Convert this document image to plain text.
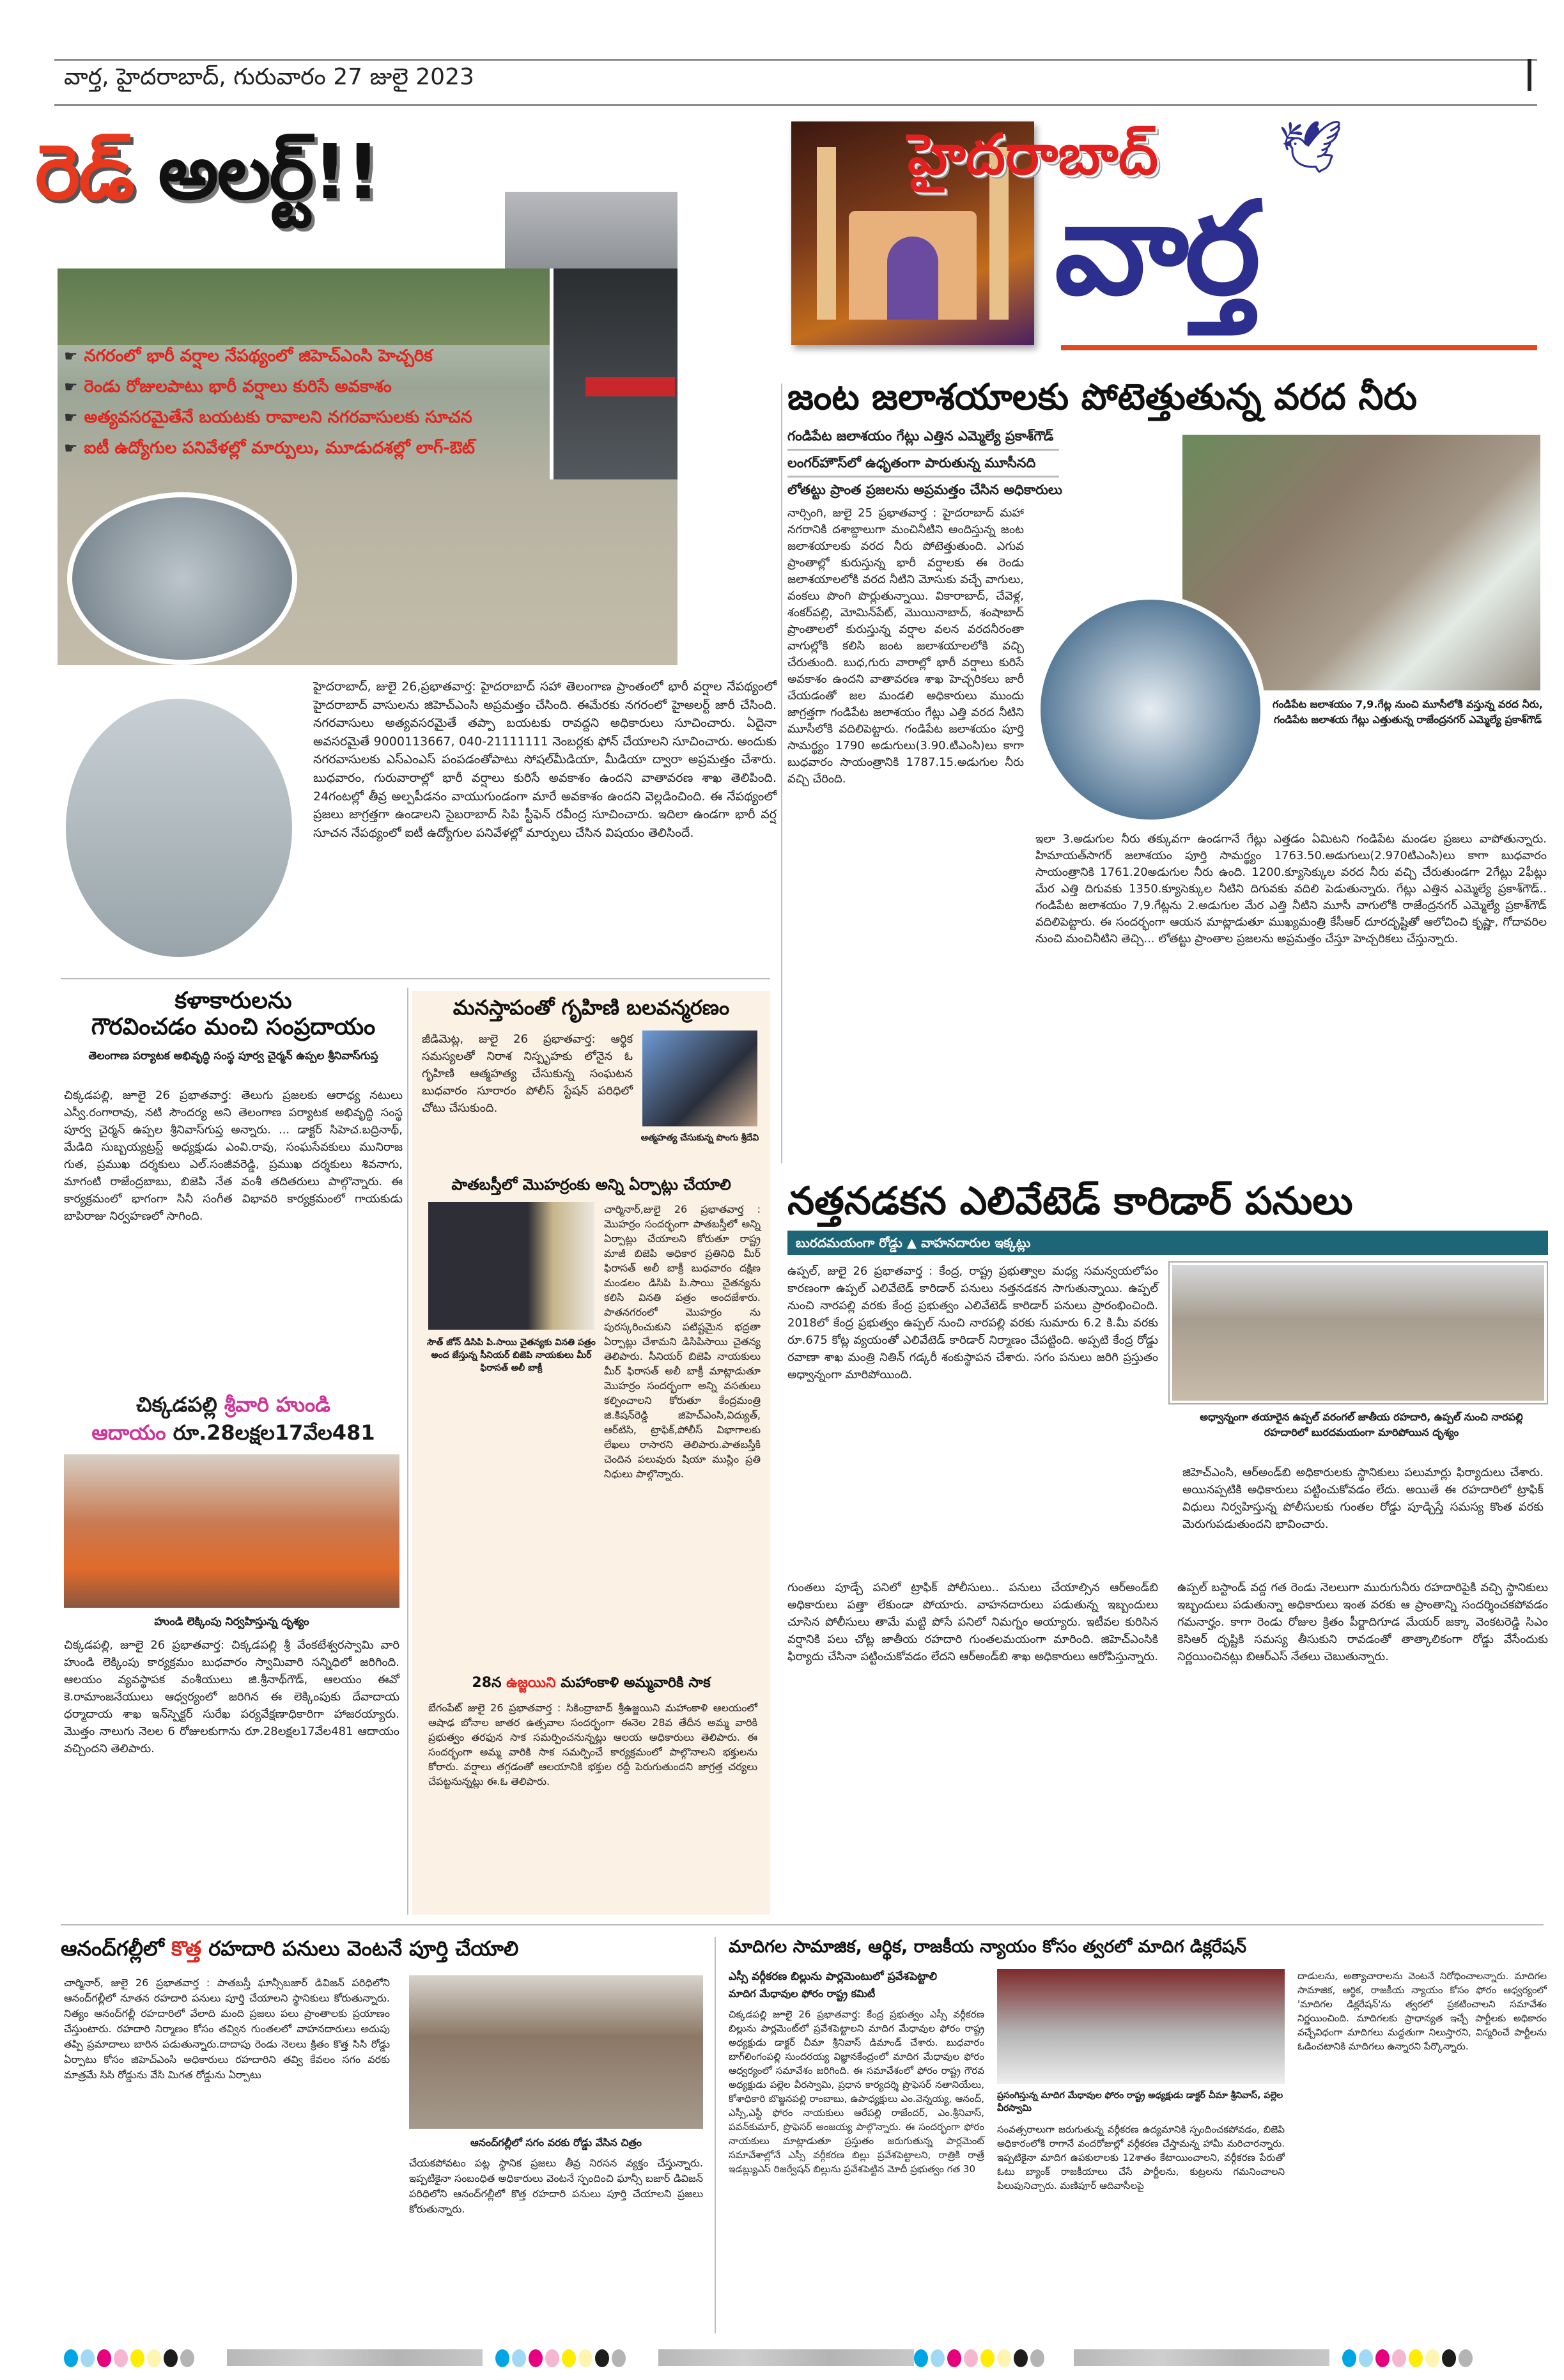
వార్త, హైదరాబాద్, గురువారం 27 జులై 2023
రెడ్ అలర్ట్!!
☛ నగరంలో భారీ వర్షాల నేపథ్యంలో జిహెచ్ఎంసి హెచ్చరిక
☛ రెండు రోజులపాటు భారీ వర్షాలు కురిసే అవకాశం
☛ అత్యవసరమైతేనే బయటకు రావాలని నగరవాసులకు సూచన
☛ ఐటీ ఉద్యోగుల పనివేళల్లో మార్పులు, మూడుదశల్లో లాగ్-ఔట్
హైదరాబాద్, జులై 26,ప్రభాతవార్త: హైదరాబాద్ సహా తెలంగాణ ప్రాంతంలో భారీ వర్షాల నేపథ్యంలో హైదరాబాద్ వాసులను జిహెచ్ఎంసి అప్రమత్తం చేసింది. ఈమేరకు నగరంలో హైఅలర్ట్ జారీ చేసింది. నగరవాసులు అత్యవసరమైతే తప్పా బయటకు రావద్దని అధికారులు సూచించారు. ఏదైనా అవసరమైతే 9000113667, 040-21111111 నెంబర్లకు ఫోన్ చేయాలని సూచించారు. అందుకు నగరవాసులకు ఎస్ఎంఎస్ పంపడంతోపాటు సోషల్‌మీడియా, మీడియా ద్వారా అప్రమత్తం చేశారు. బుధవారం, గురువారాల్లో భారీ వర్షాలు కురిసే అవకాశం ఉందని వాతావరణ శాఖ తెలిపింది. 24గంటల్లో తీవ్ర అల్పపీడనం వాయుగుండంగా మారే అవకాశం ఉందని వెల్లడించింది. ఈ నేపథ్యంలో ప్రజలు జాగ్రత్తగా ఉండాలని సైబరాబాద్ సిపి స్టీఫెన్ రవీంద్ర సూచించారు. ఇదిలా ఉండగా భారీ వర్ష సూచన నేపథ్యంలో ఐటీ ఉద్యోగుల పనివేళల్లో మార్పులు చేసిన విషయం తెలిసిందే.
హైదరాబాద్ 🕊
వార్త
జంట జలాశయాలకు పోటెత్తుతున్న వరద నీరు
గండిపేట జలాశయం గేట్లు ఎత్తిన ఎమ్మెల్యే ప్రకాశ్‌గౌడ్
లంగర్‌హౌస్‌లో ఉధృతంగా పారుతున్న మూసీనది
లోతట్టు ప్రాంత ప్రజలను అప్రమత్తం చేసిన అధికారులు
నార్సింగి, జులై 25 ప్రభాతవార్త : హైదరాబాద్ మహా నగరానికి దశాబ్దాలుగా మంచినీటిని అందిస్తున్న జంట జలాశయాలకు వరద నీరు పోటెత్తుతుంది. ఎగువ ప్రాంతాల్లో కురుస్తున్న భారీ వర్షాలకు ఈ రెండు జలాశయాలలోకి వరద నీటిని మోసుకు వచ్చే వాగులు, వంకలు పొంగి పొర్లుతున్నాయి. వికారాబాద్, చేవెళ్ల, శంకర్‌పల్లి, మోమిన్‌పేట్, మొయినాబాద్, శంషాబాద్ ప్రాంతాలలో కురుస్తున్న వర్షాల వలన వరదనీరంతా వాగుల్లోకి కలిసి జంట జలాశయాలలోకి వచ్చి చేరుతుంది. బుధ,గురు వారాల్లో భారీ వర్షాలు కురిసే అవకాశం ఉందని వాతావరణ శాఖ హెచ్చరికలు జారీ చేయడంతో జల మండలి అధికారులు ముందు జాగ్రత్తగా గండిపేట జలాశయం గేట్లు ఎత్తి వరద నీటిని మూసీలోకి వదిలిపెట్టారు. గండిపేట జలాశయం పూర్తి సామర్థ్యం 1790 అడుగులు(3.90.టిఎంసి)లు కాగా బుధవారం సాయంత్రానికి 1787.15.అడుగుల నీరు వచ్చి చేరింది.
గండిపేట జలాశయం 7,9.గేట్ల నుంచి మూసీలోకి వస్తున్న వరద నీరు, గండిపేట జలాశయ గేట్లు ఎత్తుతున్న రాజేంద్రనగర్ ఎమ్మెల్యే ప్రకాశ్‌గౌడ్
ఇలా 3.అడుగుల నీరు తక్కువగా ఉండగానే గేట్లు ఎత్తడం ఏమిటని గండిపేట మండల ప్రజలు వాపోతున్నారు. హిమాయత్‌సాగర్ జలాశయం పూర్తి సామర్థ్యం 1763.50.అడుగులు(2.970టిఎంసి)లు కాగా బుధవారం సాయంత్రానికి 1761.20అడుగుల నీరు ఉంది. 1200.క్యూసెక్కుల వరద నీరు వచ్చి చేరుతుండగా 2గేట్లు 2ఫీట్లు మేర ఎత్తి దిగువకు 1350.క్యూసెక్కుల నీటిని దిగువకు వదిలి పెడుతున్నారు. గేట్లు ఎత్తిన ఎమ్మెల్యే ప్రకాశ్‌గౌడ్.. గండిపేట జలాశయం 7,9.గేట్లను 2.అడుగుల మేర ఎత్తి నీటిని మూసీ వాగులోకి రాజేంద్రనగర్ ఎమ్మెల్యే ప్రకాశ్‌గౌడ్ వదిలిపెట్టారు. ఈ సందర్భంగా ఆయన మాట్లాడుతూ ముఖ్యమంత్రి కేసీఆర్ దూరదృష్టితో ఆలోచించి కృష్ణా, గోదావరిల నుంచి మంచినీటిని తెచ్చి... లోతట్టు ప్రాంతాల ప్రజలను అప్రమత్తం చేస్తూ హెచ్చరికలు చేస్తున్నారు.
కళాకారులను
గౌరవించడం మంచి సంప్రదాయం
తెలంగాణ పర్యాటక అభివృద్ధి సంస్థ పూర్వ చైర్మన్ ఉప్పల శ్రీనివాస్‌గుప్త
చిక్కడపల్లి, జూలై 26 ప్రభాతవార్త: తెలుగు ప్రజలకు ఆరాధ్య నటులు ఎస్వీ.రంగారావు, నటి సౌందర్య అని తెలంగాణ పర్యాటక అభివృద్ధి సంస్థ పూర్వ చైర్మన్ ఉప్పల శ్రీనివాస్‌గుప్త అన్నారు. ... డాక్టర్ సిహెచ.బద్రినాథ్, మేడిది సుబ్బయ్యట్రస్ట్ అధ్యక్షుడు ఎంవి.రావు, సంఘసేవకులు మునిరాజ గుత, ప్రముఖ దర్శకులు ఎల్.సంజీవరెడ్డి, ప్రముఖ దర్శకులు శివనాగు, మాగంటి రాజేంద్రబాబు, బిజెపి నేత వంశీ తదితరులు పాల్గొన్నారు. ఈ కార్యక్రమంలో భాగంగా సినీ సంగీత విభావరి కార్యక్రమంలో గాయకుడు బాపిరాజు నిర్వహణలో సాగింది.
చిక్కడపల్లి శ్రీవారి హుండి
ఆదాయం రూ.28లక్షల17వేల481
హుండి లెక్కింపు నిర్వహిస్తున్న దృశ్యం
చిక్కడపల్లి, జూలై 26 ప్రభాతవార్త: చిక్కడపల్లి శ్రీ వేంకటేశ్వరస్వామి వారి హుండి లెక్కింపు కార్యక్రమం బుధవారం స్వామివారి సన్నిధిలో జరిగింది. ఆలయం వ్యవస్థాపక వంశీయులు జి.శ్రీనాథ్‌గౌడ్, ఆలయం ఈవో కె.రామాంజనేయులు ఆధ్వర్యంలో జరిగిన ఈ లెక్కింపుకు దేవాదాయ ధర్మాదాయ శాఖ ఇన్‌స్పెక్టర్ సురేఖ పర్యవేక్షణాధికారిగా హాజరయ్యారు. మొత్తం నాలుగు నెలల 6 రోజులకుగాను రూ.28లక్షల17వేల481 ఆదాయం వచ్చిందని తెలిపారు.
మనస్తాపంతో గృహిణి బలవన్మరణం
జీడిమెట్ల, జులై 26 ప్రభాతవార్త: ఆర్థిక సమస్యలతో నిరాశ నిస్పృహకు లోనైన ఓ గృహిణి ఆత్మహత్య చేసుకున్న సంఘటన బుధవారం సూరారం పోలీస్ స్టేషన్ పరిధిలో చోటు చేసుకుంది.
ఆత్మహత్య చేసుకున్న పొంగు శ్రీదేవి
పాతబస్తీలో మొహర్రంకు అన్ని ఏర్పాట్లు చేయాలి
సౌత్ జోన్ డిసిపి పి.సాయి చైతన్యకు వినతి పత్రం అంద జేస్తున్న సీనియర్ బిజెపి నాయకులు మీర్ ఫిరాసత్ అలీ బాక్రీ
చార్మినార్,జులై 26 ప్రభాతవార్త : మొహర్రం సందర్భంగా పాతబస్తీలో అన్ని ఏర్పాట్లు చేయాలని కోరుతూ రాష్ట్ర మాజీ బిజెపి అధికార ప్రతినిధి మీర్ ఫిరాసత్ అలీ బాక్రీ బుధవారం దక్షిణ మండలం డిసిపి పి.సాయి చైతన్యను కలిసి వినతి పత్రం అందజేశారు. పాతనగరంలో మొహర్రం ను పురస్కరించుకుని పటిష్టమైన భద్రతా ఏర్పాట్లు చేశామని డిసిపిసాయి చైతన్య తెలిపారు. సీనియర్ బిజెపి నాయకులు మీర్ ఫిరాసత్ అలీ బాక్రీ మాట్లాడుతూ మొహర్రం సందర్భంగా అన్ని వసతులు కల్పించాలని కోరుతూ కేంద్రమంత్రి జి.కిషన్‌రెడ్డి జిహెచ్ఎంసి,విద్యుత్, ఆర్‌టిసి, ట్రాఫిక్,పోలీస్ విభాగాలకు లేఖలు రాసారని తెలిపారు.పాతబస్తీకి చెందిన పలువురు షియా ముస్లిం ప్రతి నిధులు పాల్గొన్నారు.
28న ఉజ్జయిని మహాంకాళి అమ్మవారికి సాక
బేగంపేట్ జులై 26 ప్రభాతవార్త : సికింద్రాబాద్ శ్రీఉజ్జయిని మహాంకాళి ఆలయంలో ఆషాఢ బోనాల జాతర ఉత్సవాల సందర్భంగా ఈనెల 28వ తేదీన అమ్మ వారికి ప్రభుత్వం తరఫున సాక సమర్పించనున్నట్లు ఆలయ అధికారులు తెలిపారు. ఈ సందర్భంగా అమ్మ వారికి సాక సమర్పించే కార్యక్రమంలో పాల్గొనాలని భక్తులను కోరారు. వర్షాలు తగ్గడంతో ఆలయానికి భక్తుల రద్దీ పెరుగుతుందని జాగ్రత్త చర్యలు చేపట్టనున్నట్లు ఈ.ఓ తెలిపారు.
నత్తనడకన ఎలివేటెడ్ కారిడార్ పనులు
బురదమయంగా రోడ్డు ▲ వాహనదారుల ఇక్కట్లు
అధ్వాన్నంగా తయారైన ఉప్పల్ వరంగల్ జాతీయ రహదారి, ఉప్పల్ నుంచి నారపల్లి రహదారిలో బురదమయంగా మారిపోయిన దృశ్యం
ఉప్పల్, జులై 26 ప్రభాతవార్త : కేంద్ర, రాష్ట్ర ప్రభుత్వాల మధ్య సమన్వయలోపం కారణంగా ఉప్పల్ ఎలివేటెడ్ కారిడార్ పనులు నత్తనడకన సాగుతున్నాయి. ఉప్పల్ నుంచి నారపల్లి వరకు కేంద్ర ప్రభుత్వం ఎలివేటెడ్ కారిడార్ పనులు ప్రారంభించింది. 2018లో కేంద్ర ప్రభుత్వం ఉప్పల్ నుంచి నారపల్లి వరకు సుమారు 6.2 కి.మీ వరకు రూ.675 కోట్ల వ్యయంతో ఎలివేటెడ్ కారిడార్ నిర్మాణం చేపట్టింది. అప్పటి కేంద్ర రోడ్డు రవాణా శాఖ మంత్రి నితిన్ గడ్కరీ శంకుస్థాపన చేశారు. సగం పనులు జరిగి ప్రస్తుతం అధ్వాన్నంగా మారిపోయింది.
జిహెచ్ఎంసి, ఆర్‌అండ్‌బి అధికారులకు స్థానికులు పలుమార్లు ఫిర్యాదులు చేశారు. అయినప్పటికి అధికారులు పట్టించుకోవడం లేదు. అయితే ఈ రహదారిలో ట్రాఫిక్ విధులు నిర్వహిస్తున్న పోలీసులకు గుంతల రోడ్డు పూడ్చిస్తే సమస్య కొంత వరకు మెరుగుపడుతుందని భావించారు.
గుంతలు పూడ్చే పనిలో ట్రాఫిక్ పోలీసులు.. పనులు చేయాల్సిన ఆర్‌అండ్‌బి అధికారులు పత్తా లేకుండా పోయారు. వాహనదారులు పడుతున్న ఇబ్బందులు చూసిన పోలీసులు తామే మట్టి పోసే పనిలో నిమగ్నం అయ్యారు. ఇటీవల కురిసిన వర్షానికి పలు చోట్ల జాతీయ రహదారి గుంతలమయంగా మారింది. జిహెచ్ఎంసికి ఫిర్యాదు చేసినా పట్టించుకోవడం లేదని ఆర్‌అండ్‌బి శాఖ అధికారులు ఆరోపిస్తున్నారు. ఉప్పల్ బస్టాండ్ వద్ద గత రెండు నెలలుగా మురుగునీరు రహదారిపైకి వచ్చి స్థానికులు ఇబ్బందులు పడుతున్నా అధికారులు ఇంత వరకు ఆ ప్రాంతాన్ని సందర్శించకపోవడం గమనార్హం. కాగా రెండు రోజుల క్రితం పీర్జాదిగూడ మేయర్ జక్కా వెంకటరెడ్డి సిఎం కెసిఆర్ దృష్టికి సమస్య తీసుకుని రావడంతో తాత్కాలికంగా రోడ్డు వేసేందుకు నిర్ణయించినట్లు బిఆర్ఎస్ నేతలు చెబుతున్నారు.
ఆనంద్‌గల్లీలో కొత్త రహదారి పనులు వెంటనే పూర్తి చేయాలి
చార్మినార్, జులై 26 ప్రభాతవార్త : పాతబస్తీ ఘాన్సీబజార్ డివిజన్ పరిధిలోని ఆనంద్‌గల్లీలో నూతన రహదారి పనులు పూర్తి చేయాలని స్థానికులు కోరుతున్నారు. నిత్యం ఆనంద్‌గల్లీ రహదారిలో వేలాది మంది ప్రజలు పలు ప్రాంతాలకు ప్రయాణం చేస్తుంటారు. రహదారి నిర్మాణం కోసం తవ్విన గుంతలలో వాహనదారులు అదుపు తప్పి ప్రమాదాలు బారిన పడుతున్నారు.దాదాపు రెండు నెలలు క్రితం కొత్త సిసి రోడ్డు ఏర్పాటు కోసం జిహెచ్ఎంసి అధికారులు రహదారిని తవ్వి కేవలం సగం వరకు మాత్రమే సిసి రోడ్డును వేసి మిగత రోడ్డును ఏర్పాటు
ఆనంద్‌గల్లీలో సగం వరకు రోడ్డు వేసిన చిత్రం
చేయకపోవటం పట్ల స్థానిక ప్రజలు తీవ్ర నిరసన వ్యక్తం చేస్తున్నారు. ఇప్పటికైనా సంబంధిత అధికారులు వెంటనే స్పందించి ఘాన్సీ బజార్ డివిజన్ పరిధిలోని ఆనంద్‌గల్లీలో కొత్త రహదారి పనులు పూర్తి చేయాలని ప్రజలు కోరుతున్నారు.
మాదిగల సామాజిక, ఆర్థిక, రాజకీయ న్యాయం కోసం త్వరలో మాదిగ డిక్లరేషన్
ఎస్సీ వర్గీకరణ బిల్లును పార్లమెంటులో ప్రవేశపెట్టాలి
మాదిగ మేధావుల ఫోరం రాష్ట్ర కమిటీ
చిక్కడపల్లి జూలై 26 ప్రభాతవార్త: కేంద్ర ప్రభుత్వం ఎస్సీ వర్గీకరణ బిల్లును పార్లమెంట్‌లో ప్రవేశపెట్టాలని మాదిగ మేధావుల ఫోరం రాష్ట్ర అధ్యక్షుడు డాక్టర్ చీమా శ్రీనివాస్ డిమాండ్ చేశారు. బుధవారం బాగ్‌లింగంపల్లి సుందరయ్య విజ్ఞానకేంద్రంలో మాదిగ మేధావుల ఫోరం ఆధ్వర్యంలో సమావేశం జరిగింది. ఈ సమావేశంలో ఫోరం రాష్ట్ర గౌరవ అధ్యక్షుడు పల్లెల వీరస్వామి, ప్రధాన కార్యదర్శి ప్రొఫెసర్ నతానియేలు, కోశాధికారి బొజ్జనపల్లి రాంబాబు, ఉపాధ్యక్షులు ఎం.వెన్నయ్య, ఆనంద్, ఎస్సీ,ఎస్టీ ఫోరం నాయకులు ఆరేపల్లి రాజేందర్, ఎం.శ్రీనివాస్, పవన్‌కుమార్, ప్రొఫెసర్ అంజయ్య పాల్గొన్నారు. ఈ సందర్భంగా ఫోరం నాయకులు మాట్లాడుతూ ప్రస్తుతం జరుగుతున్న పార్లమెంట్ సమావేశాల్లోనే ఎస్సీ వర్గీకరణ బిల్లు ప్రవేశపెట్టాలని, రాత్రికి రాత్రే ఇడబ్ల్యుఎస్ రిజర్వేషన్ బిల్లును ప్రవేశపెట్టిన మోదీ ప్రభుత్వం గత 30
ప్రసంగిస్తున్న మాదిగ మేధావుల ఫోరం రాష్ట్ర అధ్యక్షుడు డాక్టర్ చీమా శ్రీనివాస్, పల్లెల వీరస్వామి
సంవత్సరాలుగా జరుగుతున్న వర్గీకరణ ఉద్యమానికి స్పందించకపోవడం, బిజెపి అధికారంలోకి రాగానే వందరోజుల్లో వర్గీకరణ చేస్తామన్న హామీ మరిచారన్నారు. ఇప్పటికైనా మాదిగ ఉపకులాలకు 12శాతం కేటాయించాలని, వర్గీకరణ పేరుతో ఓటు బ్యాంక్ రాజకీయాలు చేసే పార్టీలను, కుట్రలను గమనించాలని పిలుపునిచ్చారు. మణిపూర్ ఆదివాసీలపై
దాడులను, అత్యాచారాలను వెంటనే నిరోధించాలన్నారు. మాదిగల సామాజిక, ఆర్థిక, రాజకీయ న్యాయం కోసం ఫోరం ఆధ్వర్యంలో 'మాదిగల డిక్లరేషన్'ను త్వరలో ప్రకటించాలని సమావేశం నిర్ణయించింది. మాదిగలకు ప్రాధాన్యత ఇచ్చే పార్టీలకు అధికారం వచ్చేవిధంగా మాదిగలు మద్దతుగా నిలుస్తారని, విస్మరించే పార్టీలను ఓడించటానికి మాదిగలు ఉన్నారని పేర్కొన్నారు.
